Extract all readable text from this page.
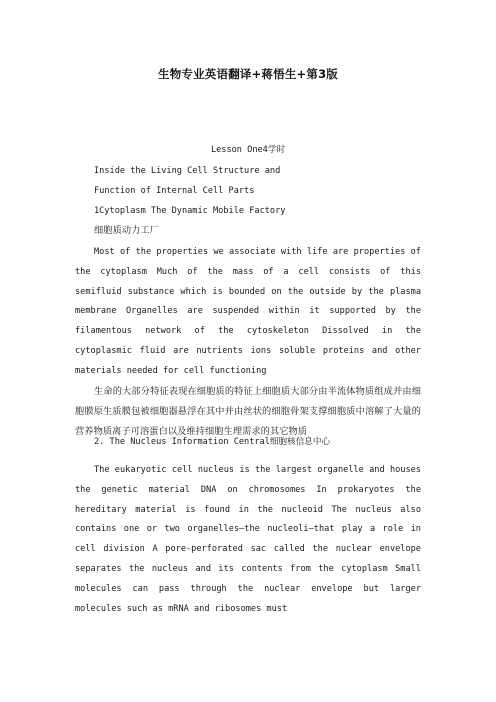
生物专业英语翻译+蒋悟生+第3版
Lesson One4学时
Inside the Living Cell Structure and
Function of Internal Cell Parts
1Cytoplasm The Dynamic Mobile Factory
细胞质动力工厂
Most of the properties we associate with life are properties of the cytoplasm Much of the mass of a cell consists of this semifluid substance which is bounded on the outside by the plasma membrane Organelles are suspended within it supported by the filamentous network of the cytoskeleton Dissolved in the cytoplasmic fluid are nutrients ions soluble proteins and other materials needed for cell functioning
生命的大部分特征表现在细胞质的特征上细胞质大部分由半流体物质组成并由细胞膜原生质膜包被细胞器悬浮在其中并由丝状的细胞骨架支撑细胞质中溶解了大量的营养物质离子可溶蛋白以及维持细胞生理需求的其它物质
2. The Nucleus Information Central细胞核信息中心
The eukaryotic cell nucleus is the largest organelle and houses the genetic material DNA on chromosomes In prokaryotes the hereditary material is found in the nucleoid The nucleus also contains one or two organelles—the nucleoli—that play a role in cell division A pore-perforated sac called the nuclear envelope separates the nucleus and its contents from the cytoplasm Small molecules can pass through the nuclear envelope but larger molecules such as mRNA and ribosomes must
